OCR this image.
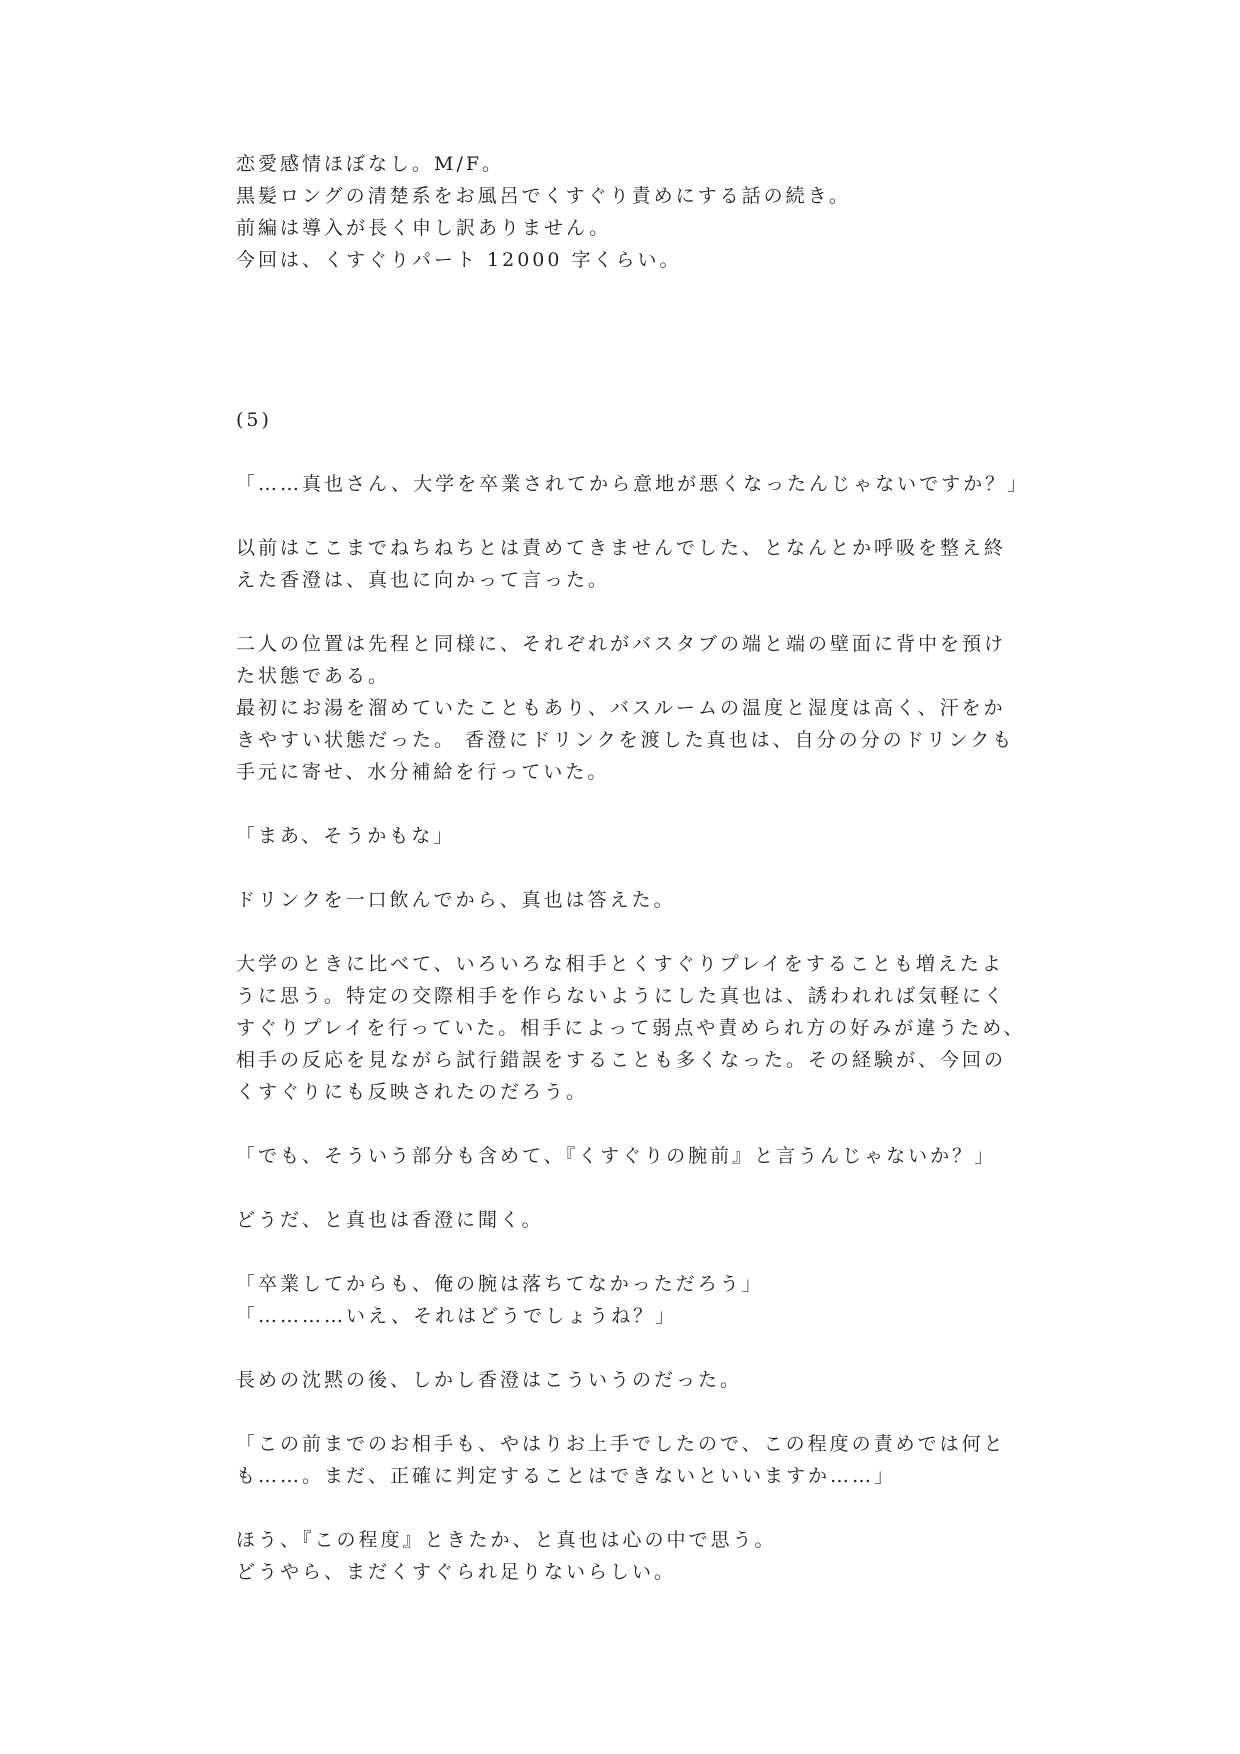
恋愛感情ほぼなし。M/F。
黒髪ロングの清楚系をお風呂でくすぐり責めにする話の続き。
前編は導入が長く申し訳ありません。
今回は、くすぐりパート 12000 字くらい。
(5)
「……真也さん、大学を卒業されてから意地が悪くなったんじゃないですか？」
以前はここまでねちねちとは責めてきませんでした、となんとか呼吸を整え終
えた香澄は、真也に向かって言った。
二人の位置は先程と同様に、それぞれがバスタブの端と端の壁面に背中を預け
た状態である。
最初にお湯を溜めていたこともあり、バスルームの温度と湿度は高く、汗をか
きやすい状態だった。 香澄にドリンクを渡した真也は、自分の分のドリンクも
手元に寄せ、水分補給を行っていた。
「まあ、そうかもな」
ドリンクを一口飲んでから、真也は答えた。
大学のときに比べて、いろいろな相手とくすぐりプレイをすることも増えたよ
うに思う。特定の交際相手を作らないようにした真也は、誘われれば気軽にく
すぐりプレイを行っていた。相手によって弱点や責められ方の好みが違うため、
相手の反応を見ながら試行錯誤をすることも多くなった。その経験が、今回の
くすぐりにも反映されたのだろう。
「でも、そういう部分も含めて、『くすぐりの腕前』と言うんじゃないか？」
どうだ、と真也は香澄に聞く。
「卒業してからも、俺の腕は落ちてなかっただろう」
「…………いえ、それはどうでしょうね？」
長めの沈黙の後、しかし香澄はこういうのだった。
「この前までのお相手も、やはりお上手でしたので、この程度の責めでは何と
も……。まだ、正確に判定することはできないといいますか……」
ほう、『この程度』ときたか、と真也は心の中で思う。
どうやら、まだくすぐられ足りないらしい。
